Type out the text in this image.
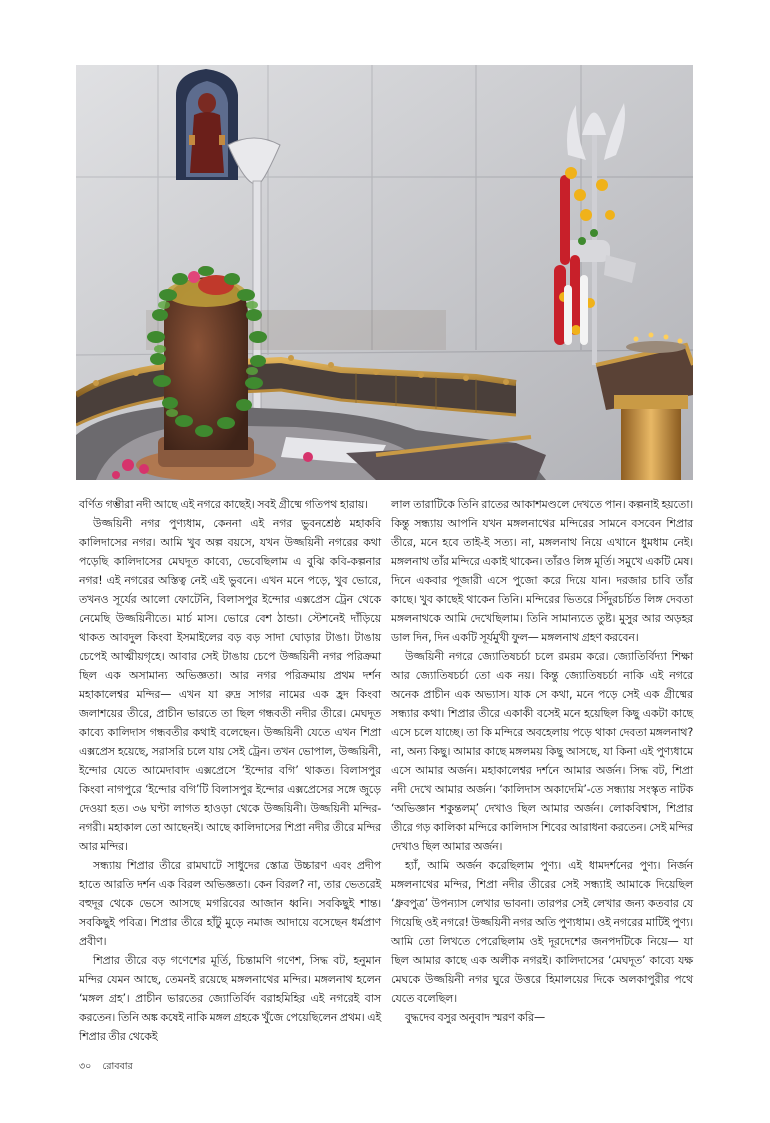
বর্ণিত গম্ভীরা নদী আছে এই নগরে কাছেই। সবই গ্রীষ্মে গতিপথ হারায়।

উজ্জয়িনী নগর পুণ্যধাম, কেননা এই নগর ভুবনশ্রেষ্ঠ মহাকবি কালিদাসের নগর। আমি খুব অল্প বয়সে, যখন উজ্জয়িনী নগরের কথা পড়েছি কালিদাসের মেঘদূত কাব্যে, ভেবেছিলাম এ বুঝি কবি-কল্পনার নগর! এই নগরের অস্তিত্ব নেই এই ভুবনে। এখন মনে পড়ে, খুব ভোরে, তখনও সূর্যের আলো ফোটেনি, বিলাসপুর ইন্দোর এক্সপ্রেস ট্রেন থেকে নেমেছি উজ্জয়িনীতে। মার্চ মাস। ভোরে বেশ ঠান্ডা। স্টেশনেই দাঁড়িয়ে থাকত আবদুল কিংবা ইসমাইলের বড় বড় সাদা ঘোড়ার টাঙা। টাঙায় চেপেই আত্মীয়গৃহে। আবার সেই টাঙায় চেপে উজ্জয়িনী নগর পরিক্রমা ছিল এক অসামান্য অভিজ্ঞতা। আর নগর পরিক্রমায় প্রথম দর্শন মহাকালেশ্বর মন্দির— এখন যা রুদ্র সাগর নামের এক হ্রদ কিংবা জলাশয়ের তীরে, প্রাচীন ভারতে তা ছিল গন্ধবতী নদীর তীরে। মেঘদূত কাব্যে কালিদাস গন্ধবতীর কথাই বলেছেন। উজ্জয়িনী যেতে এখন শিপ্রা এক্সপ্রেস হয়েছে, সরাসরি চলে যায় সেই ট্রেন। তখন ভোপাল, উজ্জয়িনী, ইন্দোর যেতে আমেদাবাদ এক্সপ্রেসে ‘ইন্দোর বগি’ থাকত। বিলাসপুর কিংবা নাগপুরে ‘ইন্দোর বগি’টি বিলাসপুর ইন্দোর এক্সপ্রেসের সঙ্গে জুড়ে দেওয়া হত। ৩৬ ঘণ্টা লাগত হাওড়া থেকে উজ্জয়িনী। উজ্জয়িনী মন্দির-নগরী। মহাকাল তো আছেনই। আছে কালিদাসের শিপ্রা নদীর তীরে মন্দির আর মন্দির।

সন্ধ্যায় শিপ্রার তীরে রামঘাটে সাধুদের স্তোত্র উচ্চারণ এবং প্রদীপ হাতে আরতি দর্শন এক বিরল অভিজ্ঞতা। কেন বিরল? না, তার ভেতরেই বহুদূর থেকে ভেসে আসছে মগরিবের আজান ধ্বনি। সবকিছুই শান্ত। সবকিছুই পবিত্র। শিপ্রার তীরে হাঁটু মুড়ে নমাজ আদায়ে বসেছেন ধর্মপ্রাণ প্রবীণ।

শিপ্রার তীরে বড় গণেশের মূর্তি, চিন্তামণি গণেশ, সিদ্ধ বট, হনুমান মন্দির যেমন আছে, তেমনই রয়েছে মঙ্গলনাথের মন্দির। মঙ্গলনাথ হলেন ‘মঙ্গল গ্রহ’। প্রাচীন ভারতের জ্যোতির্বিদ বরাহমিহির এই নগরেই বাস করতেন। তিনি অঙ্ক কষেই নাকি মঙ্গল গ্রহকে খুঁজে পেয়েছিলেন প্রথম। এই শিপ্রার তীর থেকেই

লাল তারাটিকে তিনি রাতের আকাশমণ্ডলে দেখতে পান। কল্পনাই হয়তো। কিন্তু সন্ধ্যায় আপনি যখন মঙ্গলনাথের মন্দিরের সামনে বসবেন শিপ্রার তীরে, মনে হবে তাই-ই সত্য। না, মঙ্গলনাথ নিয়ে এখানে ধুমধাম নেই। মঙ্গলনাথ তাঁর মন্দিরে একাই থাকেন। তাঁরও লিঙ্গ মূর্তি। সমুখে একটি মেষ। দিনে একবার পূজারী এসে পুজো করে দিয়ে যান। দরজার চাবি তাঁর কাছে। খুব কাছেই থাকেন তিনি। মন্দিরের ভিতরে সিঁদুরচর্চিত লিঙ্গ দেবতা মঙ্গলনাথকে আমি দেখেছিলাম। তিনি সামান্যতে তুষ্ট। মুসুর আর অড়হর ডাল দিন, দিন একটি সূর্যমুখী ফুল— মঙ্গলনাথ গ্রহণ করবেন।

উজ্জয়িনী নগরে জ্যোতিষচর্চা চলে রমরম করে। জ্যোতির্বিদ্যা শিক্ষা আর জ্যোতিষচর্চা তো এক নয়। কিন্তু জ্যোতিষচর্চা নাকি এই নগরে অনেক প্রাচীন এক অভ্যাস। যাক সে কথা, মনে পড়ে সেই এক গ্রীষ্মের সন্ধ্যার কথা। শিপ্রার তীরে একাকী বসেই মনে হয়েছিল কিছু একটা কাছে এসে চলে যাচ্ছে। তা কি মন্দিরে অবহেলায় পড়ে থাকা দেবতা মঙ্গলনাথ? না, অন্য কিছু। আমার কাছে মঙ্গলময় কিছু আসছে, যা কিনা এই পুণ্যধামে এসে আমার অর্জন। মহাকালেশ্বর দর্শনে আমার অর্জন। সিদ্ধ বট, শিপ্রা নদী দেখে আমার অর্জন। ‘কালিদাস অকাদেমি’-তে সন্ধ্যায় সংস্কৃত নাটক ‘অভিজ্ঞান শকুন্তলম্’ দেখাও ছিল আমার অর্জন। লোকবিশ্বাস, শিপ্রার তীরে গড় কালিকা মন্দিরে কালিদাস শিবের আরাধনা করতেন। সেই মন্দির দেখাও ছিল আমার অর্জন।

হ্যাঁ, আমি অর্জন করেছিলাম পুণ্য। এই ধামদর্শনের পুণ্য। নির্জন মঙ্গলনাথের মন্দির, শিপ্রা নদীর তীরের সেই সন্ধ্যাই আমাকে দিয়েছিল ‘ধ্রুবপুত্র’ উপন্যাস লেখার ভাবনা। তারপর সেই লেখার জন্য কতবার যে গিয়েছি ওই নগরে! উজ্জয়িনী নগর অতি পুণ্যধাম। ওই নগরের মাটিই পুণ্য। আমি তো লিখতে পেরেছিলাম ওই দূরদেশের জনপদটিকে নিয়ে— যা ছিল আমার কাছে এক অলীক নগরই। কালিদাসের ‘মেঘদূত’ কাব্যে যক্ষ মেঘকে উজ্জয়িনী নগর ঘুরে উত্তরে হিমালয়ের দিকে অলকাপুরীর পথে যেতে বলেছিল।

বুদ্ধদেব বসুর অনুবাদ স্মরণ করি—

৩০ রোববার
